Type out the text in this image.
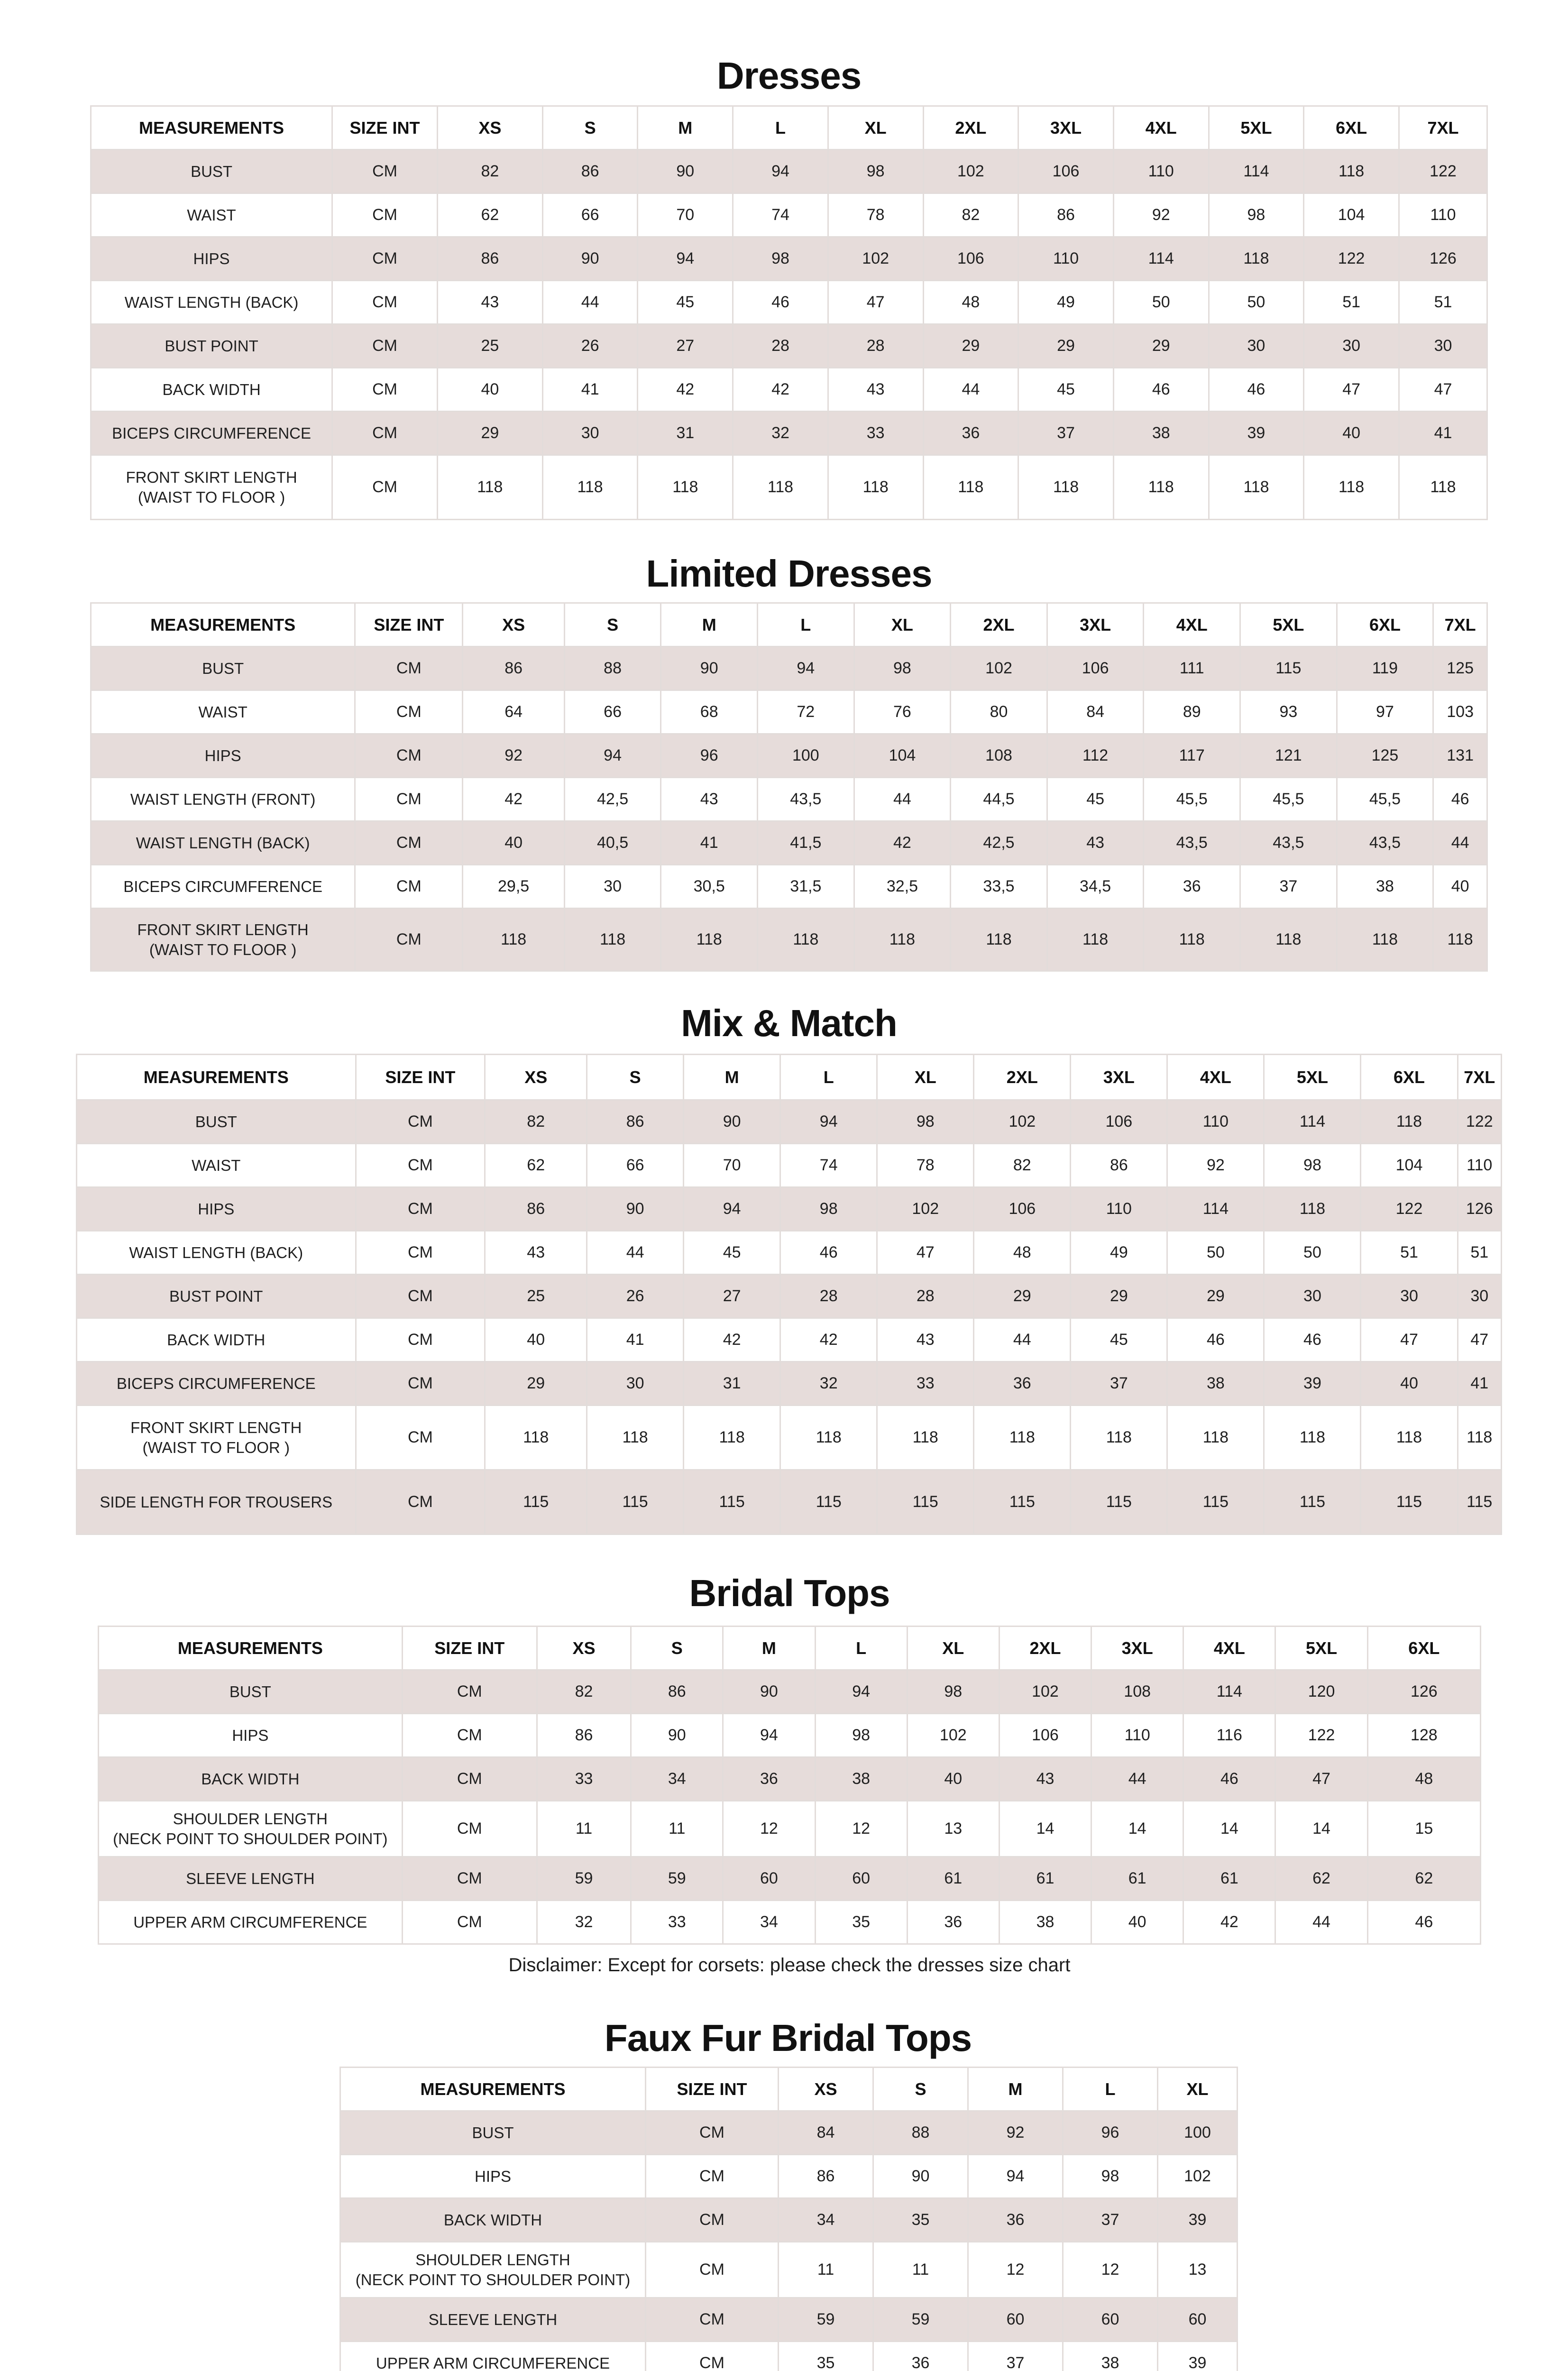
Dresses
MEASUREMENTS	SIZE INT	XS	S	M	L	XL	2XL	3XL	4XL	5XL	6XL	7XL
BUST	CM	82	86	90	94	98	102	106	110	114	118	122
WAIST	CM	62	66	70	74	78	82	86	92	98	104	110
HIPS	CM	86	90	94	98	102	106	110	114	118	122	126
WAIST LENGTH (BACK)	CM	43	44	45	46	47	48	49	50	50	51	51
BUST POINT	CM	25	26	27	28	28	29	29	29	30	30	30
BACK WIDTH	CM	40	41	42	42	43	44	45	46	46	47	47
BICEPS CIRCUMFERENCE	CM	29	30	31	32	33	36	37	38	39	40	41
FRONT SKIRT LENGTH
(WAIST TO FLOOR )	CM	118	118	118	118	118	118	118	118	118	118	118
Limited Dresses
MEASUREMENTS	SIZE INT	XS	S	M	L	XL	2XL	3XL	4XL	5XL	6XL	7XL
BUST	CM	86	88	90	94	98	102	106	111	115	119	125
WAIST	CM	64	66	68	72	76	80	84	89	93	97	103
HIPS	CM	92	94	96	100	104	108	112	117	121	125	131
WAIST LENGTH (FRONT)	CM	42	42,5	43	43,5	44	44,5	45	45,5	45,5	45,5	46
WAIST LENGTH (BACK)	CM	40	40,5	41	41,5	42	42,5	43	43,5	43,5	43,5	44
BICEPS CIRCUMFERENCE	CM	29,5	30	30,5	31,5	32,5	33,5	34,5	36	37	38	40
FRONT SKIRT LENGTH
(WAIST TO FLOOR )	CM	118	118	118	118	118	118	118	118	118	118	118
Mix & Match
MEASUREMENTS	SIZE INT	XS	S	M	L	XL	2XL	3XL	4XL	5XL	6XL	7XL
BUST	CM	82	86	90	94	98	102	106	110	114	118	122
WAIST	CM	62	66	70	74	78	82	86	92	98	104	110
HIPS	CM	86	90	94	98	102	106	110	114	118	122	126
WAIST LENGTH (BACK)	CM	43	44	45	46	47	48	49	50	50	51	51
BUST POINT	CM	25	26	27	28	28	29	29	29	30	30	30
BACK WIDTH	CM	40	41	42	42	43	44	45	46	46	47	47
BICEPS CIRCUMFERENCE	CM	29	30	31	32	33	36	37	38	39	40	41
FRONT SKIRT LENGTH
(WAIST TO FLOOR )	CM	118	118	118	118	118	118	118	118	118	118	118
SIDE LENGTH FOR TROUSERS	CM	115	115	115	115	115	115	115	115	115	115	115
Bridal Tops
MEASUREMENTS	SIZE INT	XS	S	M	L	XL	2XL	3XL	4XL	5XL	6XL
BUST	CM	82	86	90	94	98	102	108	114	120	126
HIPS	CM	86	90	94	98	102	106	110	116	122	128
BACK WIDTH	CM	33	34	36	38	40	43	44	46	47	48
SHOULDER LENGTH
(NECK POINT TO SHOULDER POINT)	CM	11	11	12	12	13	14	14	14	14	15
SLEEVE LENGTH	CM	59	59	60	60	61	61	61	61	62	62
UPPER ARM CIRCUMFERENCE	CM	32	33	34	35	36	38	40	42	44	46
Disclaimer: Except for corsets: please check the dresses size chart
Faux Fur Bridal Tops
MEASUREMENTS	SIZE INT	XS	S	M	L	XL
BUST	CM	84	88	92	96	100
HIPS	CM	86	90	94	98	102
BACK WIDTH	CM	34	35	36	37	39
SHOULDER LENGTH
(NECK POINT TO SHOULDER POINT)	CM	11	11	12	12	13
SLEEVE LENGTH	CM	59	59	60	60	60
UPPER ARM CIRCUMFERENCE	CM	35	36	37	38	39
